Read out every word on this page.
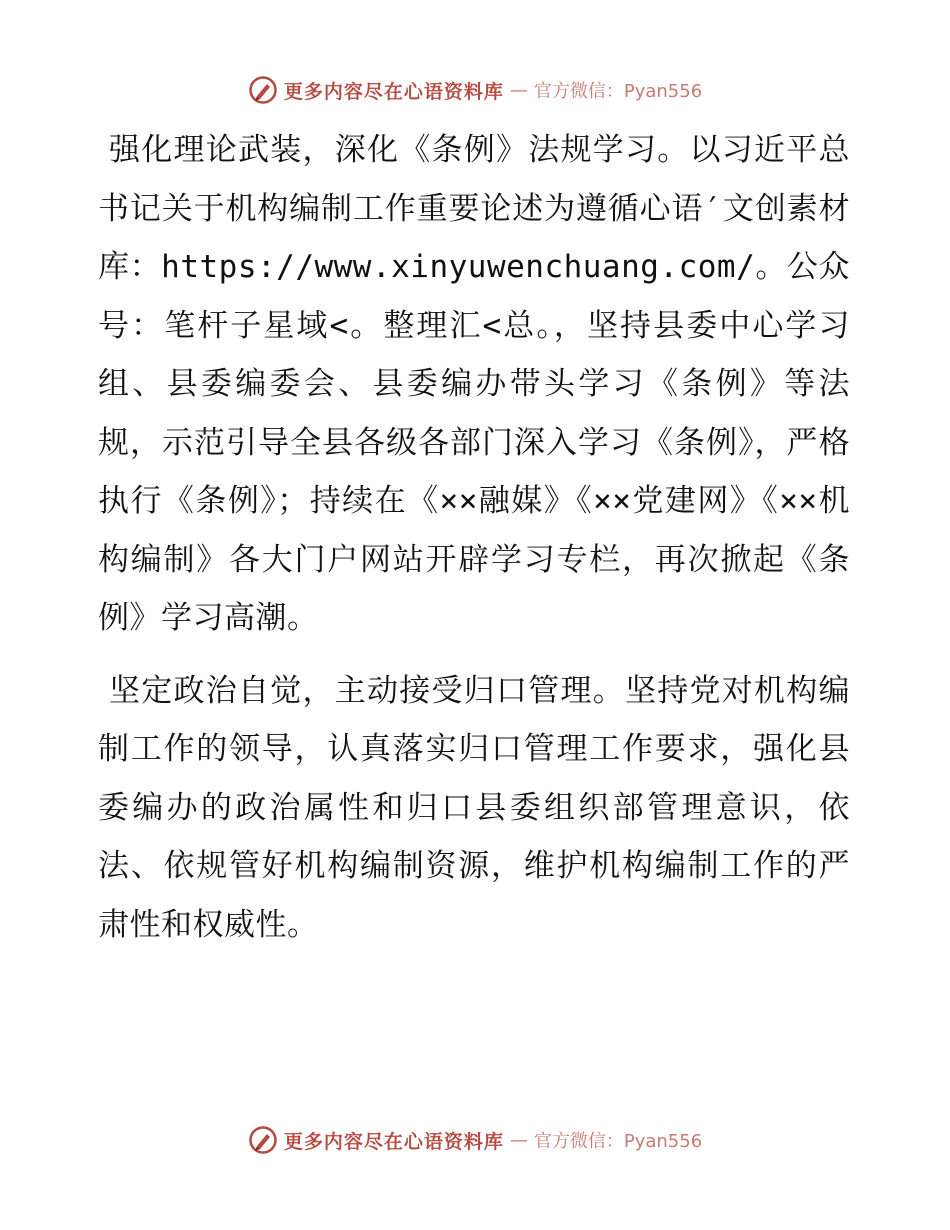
更多内容尽在心语资料库 — 官方微信：Pyan556

强化理论武装，深化《条例》法规学习。以习近平总书记关于机构编制工作重要论述为遵循心语′文创素材库：https://www.xinyuwenchuang.com/。公众号：笔杆子星域<。整理汇<总。，坚持县委中心学习组、县委编委会、县委编办带头学习《条例》等法规，示范引导全县各级各部门深入学习《条例》，严格执行《条例》；持续在《××融媒》《××党建网》《××机构编制》各大门户网站开辟学习专栏，再次掀起《条例》学习高潮。

坚定政治自觉，主动接受归口管理。坚持党对机构编制工作的领导，认真落实归口管理工作要求，强化县委编办的政治属性和归口县委组织部管理意识，依法、依规管好机构编制资源，维护机构编制工作的严肃性和权威性。

更多内容尽在心语资料库 — 官方微信：Pyan556
